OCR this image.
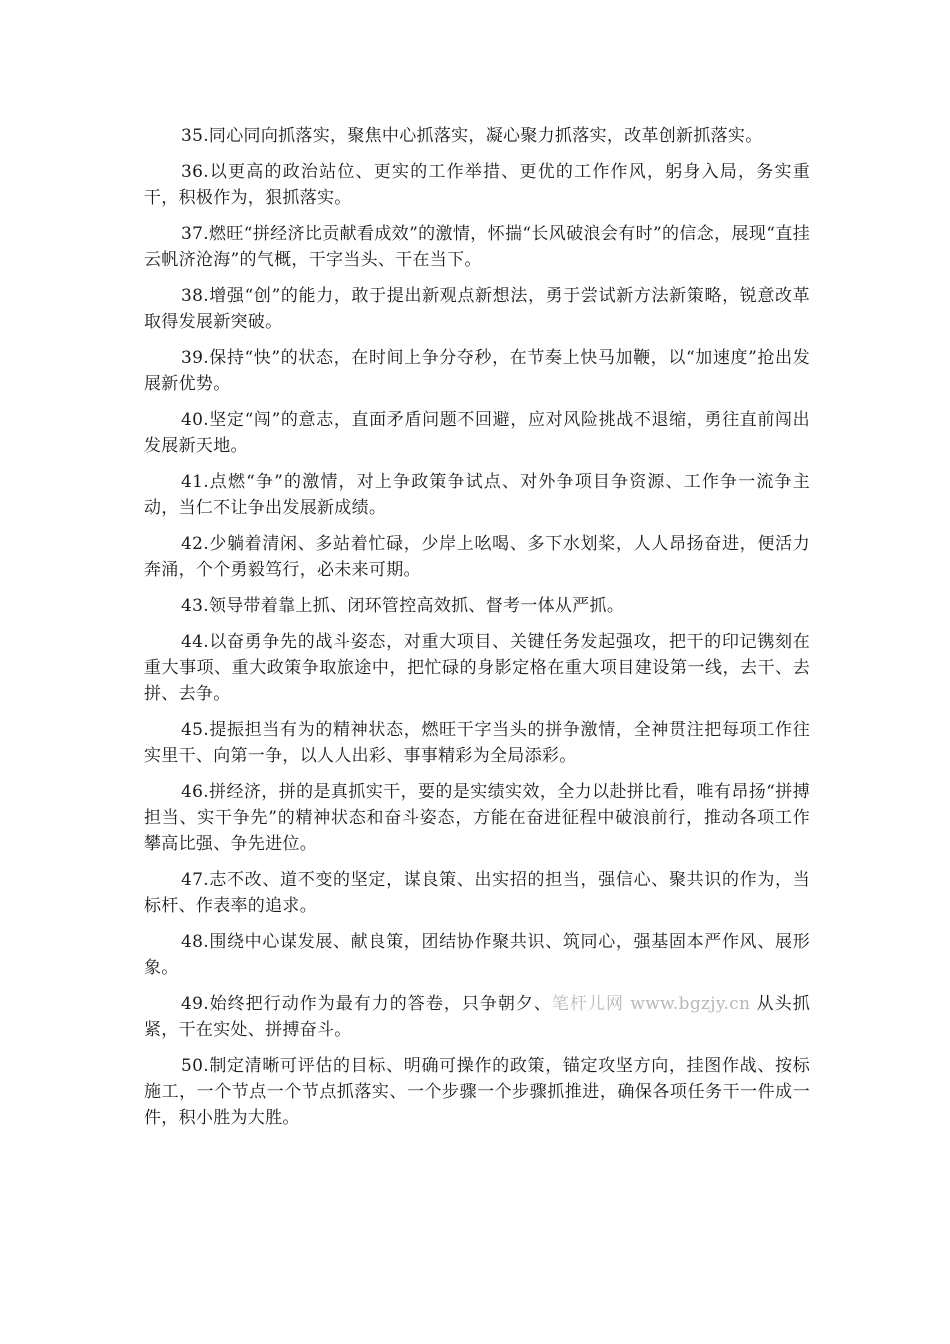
35.同心同向抓落实，聚焦中心抓落实，凝心聚力抓落实，改革创新抓落实。

36.以更高的政治站位、更实的工作举措、更优的工作作风，躬身入局，务实重干，积极作为，狠抓落实。

37.燃旺“拼经济比贡献看成效”的激情，怀揣“长风破浪会有时”的信念，展现“直挂云帆济沧海”的气概，干字当头、干在当下。

38.增强“创”的能力，敢于提出新观点新想法，勇于尝试新方法新策略，锐意改革取得发展新突破。

39.保持“快”的状态，在时间上争分夺秒，在节奏上快马加鞭，以“加速度”抢出发展新优势。

40.坚定“闯”的意志，直面矛盾问题不回避，应对风险挑战不退缩，勇往直前闯出发展新天地。

41.点燃“争”的激情，对上争政策争试点、对外争项目争资源、工作争一流争主动，当仁不让争出发展新成绩。

42.少躺着清闲、多站着忙碌，少岸上吆喝、多下水划桨，人人昂扬奋进，便活力奔涌，个个勇毅笃行，必未来可期。

43.领导带着靠上抓、闭环管控高效抓、督考一体从严抓。

44.以奋勇争先的战斗姿态，对重大项目、关键任务发起强攻，把干的印记镌刻在重大事项、重大政策争取旅途中，把忙碌的身影定格在重大项目建设第一线，去干、去拼、去争。

45.提振担当有为的精神状态，燃旺干字当头的拼争激情，全神贯注把每项工作往实里干、向第一争，以人人出彩、事事精彩为全局添彩。

46.拼经济，拼的是真抓实干，要的是实绩实效，全力以赴拼比看，唯有昂扬“拼搏担当、实干争先”的精神状态和奋斗姿态，方能在奋进征程中破浪前行，推动各项工作攀高比强、争先进位。

47.志不改、道不变的坚定，谋良策、出实招的担当，强信心、聚共识的作为，当标杆、作表率的追求。

48.围绕中心谋发展、献良策，团结协作聚共识、筑同心，强基固本严作风、展形象。

49.始终把行动作为最有力的答卷，只争朝夕、笔杆儿网 www.bgzjy.cn 从头抓紧，干在实处、拼搏奋斗。

50.制定清晰可评估的目标、明确可操作的政策，锚定攻坚方向，挂图作战、按标施工，一个节点一个节点抓落实、一个步骤一个步骤抓推进，确保各项任务干一件成一件，积小胜为大胜。
